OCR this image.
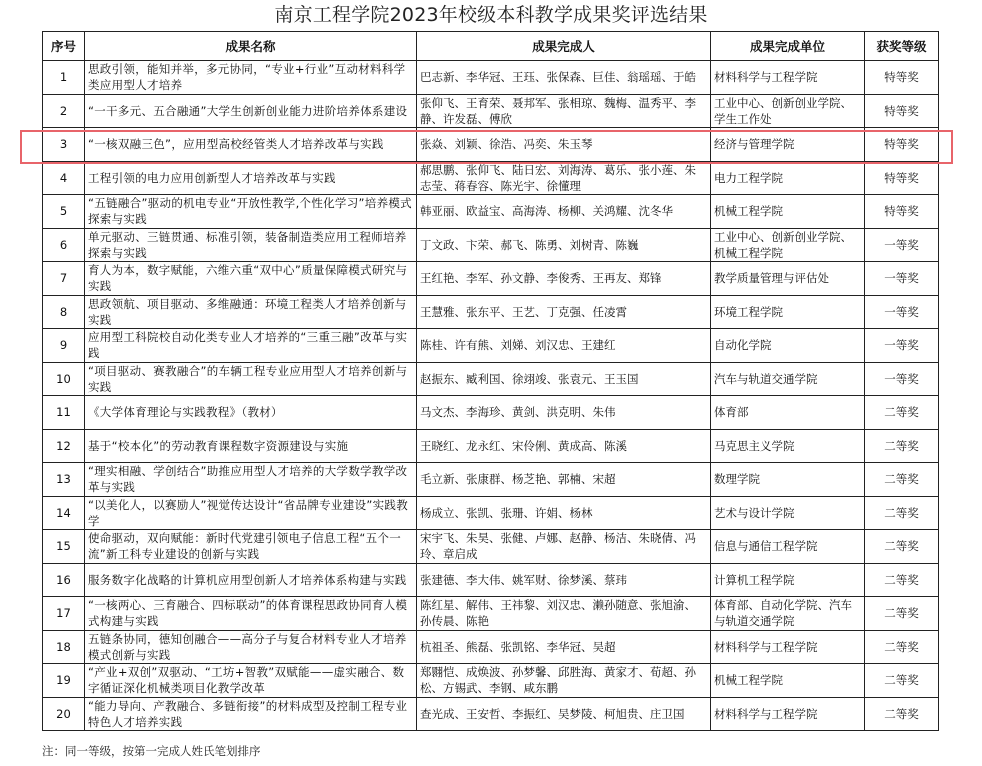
南京工程学院2023年校级本科教学成果奖评选结果
序号	成果名称	成果完成人	成果完成单位	获奖等级
1	思政引领，能知并举，多元协同，“专业+行业”互动材料科学类应用型人才培养	巴志新、李华冠、王珏、张保森、巨佳、翁瑶瑶、于皓	材料科学与工程学院	特等奖
2	“一干多元、五合融通”大学生创新创业能力进阶培养体系建设	张仰飞、王育荣、聂邦军、张相琼、魏梅、温秀平、李静、许发磊、傅欣	工业中心、创新创业学院、学生工作处	特等奖
3	“一核双融三色”，应用型高校经管类人才培养改革与实践	张焱、刘颖、徐浩、冯奕、朱玉琴	经济与管理学院	特等奖
4	工程引领的电力应用创新型人才培养改革与实践	郝思鹏、张仰飞、陆日宏、刘海涛、葛乐、张小莲、朱志莹、蒋春容、陈光宇、徐懂理	电力工程学院	特等奖
5	“五链融合”驱动的机电专业“开放性教学,个性化学习”培养模式探索与实践	韩亚丽、欧益宝、高海涛、杨柳、关鸿耀、沈冬华	机械工程学院	特等奖
6	单元驱动、三链贯通、标准引领，装备制造类应用工程师培养探索与实践	丁文政、卞荣、郝飞、陈勇、刘树青、陈巍	工业中心、创新创业学院、机械工程学院	一等奖
7	育人为本，数字赋能，六维六重“双中心”质量保障模式研究与实践	王红艳、李军、孙文静、李俊秀、王再友、郑锋	教学质量管理与评估处	一等奖
8	思政领航、项目驱动、多维融通：环境工程类人才培养创新与实践	王慧雅、张东平、王艺、丁克强、任凌霄	环境工程学院	一等奖
9	应用型工科院校自动化类专业人才培养的“三重三融”改革与实践	陈桂、许有熊、刘娣、刘汉忠、王建红	自动化学院	一等奖
10	“项目驱动、赛教融合”的车辆工程专业应用型人才培养创新与实践	赵振东、臧利国、徐翊竣、张袁元、王玉国	汽车与轨道交通学院	一等奖
11	《大学体育理论与实践教程》（教材）	马文杰、李海珍、黄剑、洪克明、朱伟	体育部	二等奖
12	基于“校本化”的劳动教育课程数字资源建设与实施	王晓红、龙永红、宋伶俐、黄成高、陈溪	马克思主义学院	二等奖
13	“理实相融、学创结合”助推应用型人才培养的大学数学教学改革与实践	毛立新、张康群、杨芝艳、郭楠、宋超	数理学院	二等奖
14	“以美化人，以赛励人”视觉传达设计“省品牌专业建设”实践教学	杨成立、张凯、张珊、许娟、杨林	艺术与设计学院	二等奖
15	使命驱动，双向赋能：新时代党建引领电子信息工程“五个一流”新工科专业建设的创新与实践	宋宇飞、朱昊、张健、卢娜、赵静、杨洁、朱晓倩、冯玲、章启成	信息与通信工程学院	二等奖
16	服务数字化战略的计算机应用型创新人才培养体系构建与实践	张建德、李大伟、姚军财、徐梦溪、蔡玮	计算机工程学院	二等奖
17	“一核两心、三育融合、四标联动”的体育课程思政协同育人模式构建与实践	陈红星、解伟、王祎黎、刘汉忠、濑孙随意、张旭渝、孙传晨、陈艳	体育部、自动化学院、汽车与轨道交通学院	二等奖
18	五链条协同，德知创融合——高分子与复合材料专业人才培养模式创新与实践	杭祖圣、熊磊、张凯铭、李华冠、吴超	材料科学与工程学院	二等奖
19	“产业+双创”双驱动、“工坊+智教”双赋能——虚实融合、数字循证深化机械类项目化教学改革	郑翾恺、成焕波、孙梦馨、邱胜海、黄家才、荀超、孙松、方锡武、李钢、咸东鹏	机械工程学院	二等奖
20	“能力导向、产教融合、多链衔接”的材料成型及控制工程专业特色人才培养实践	查光成、王安哲、李振红、吴梦陵、柯旭贵、庄卫国	材料科学与工程学院	二等奖
注：同一等级，按第一完成人姓氏笔划排序
